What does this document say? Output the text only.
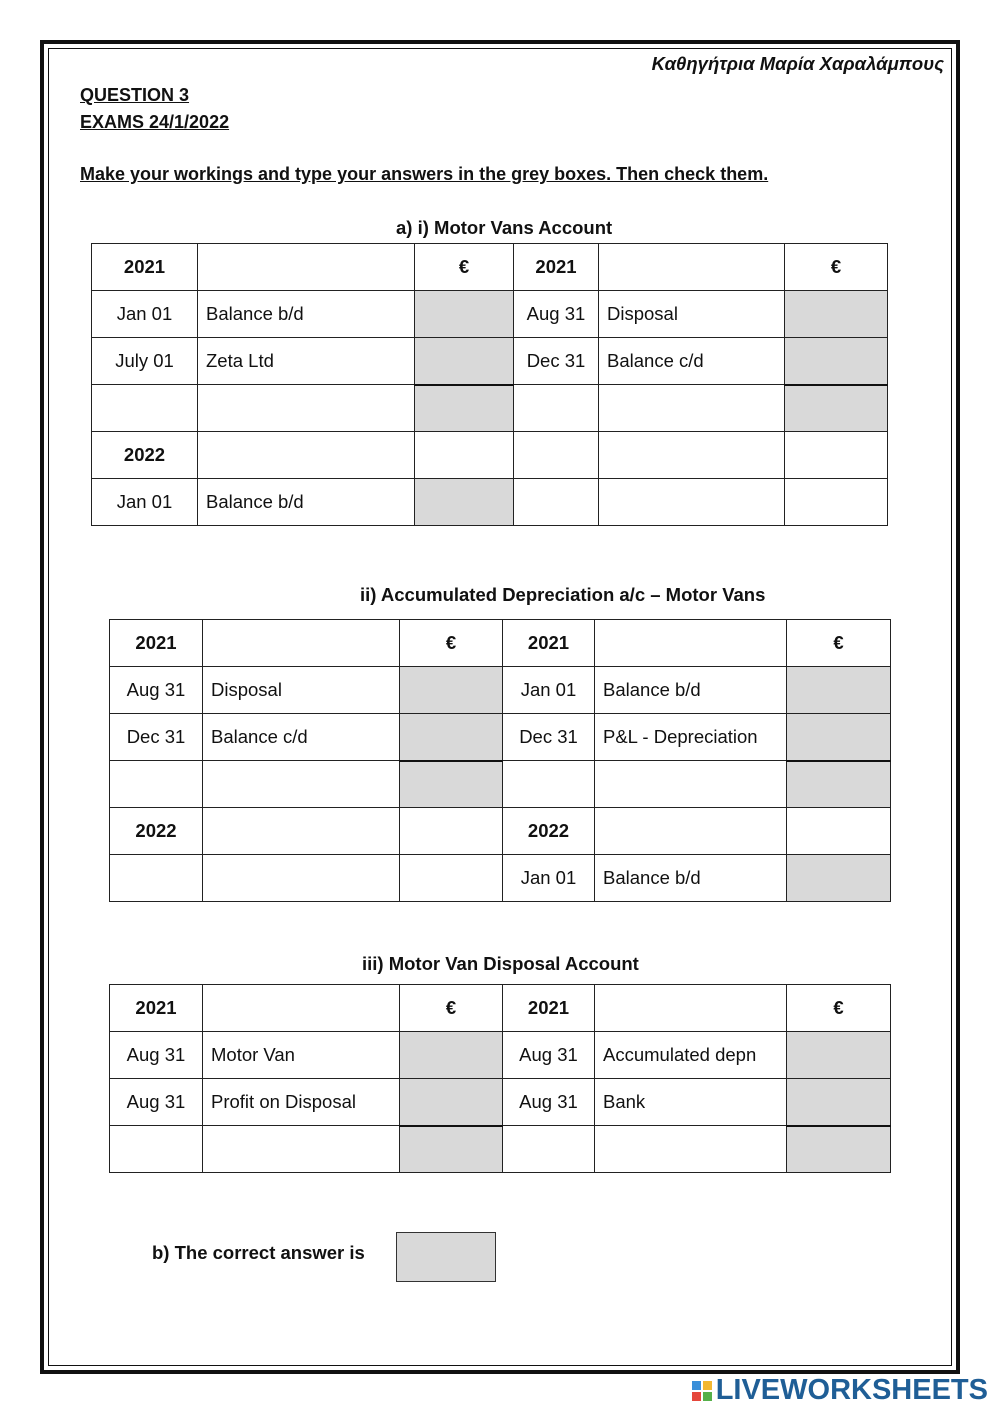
Καθηγήτρια Μαρία Χαραλάμπους
QUESTION 3
EXAMS 24/1/2022
Make your workings and type your answers in the grey boxes. Then check them.
a) i) Motor Vans Account
2021		€	2021		€
Jan 01	Balance b/d		Aug 31	Disposal	
July 01	Zeta Ltd		Dec 31	Balance c/d	

2022					
Jan 01	Balance b/d				
ii) Accumulated Depreciation a/c – Motor Vans
2021		€	2021		€
Aug 31	Disposal		Jan 01	Balance b/d	
Dec 31	Balance c/d		Dec 31	P&L - Depreciation	

2022			2022		
			Jan 01	Balance b/d	
iii) Motor Van Disposal Account
2021		€	2021		€
Aug 31	Motor Van		Aug 31	Accumulated depn	
Aug 31	Profit on Disposal		Aug 31	Bank	

b) The correct answer is
LIVEWORKSHEETS
